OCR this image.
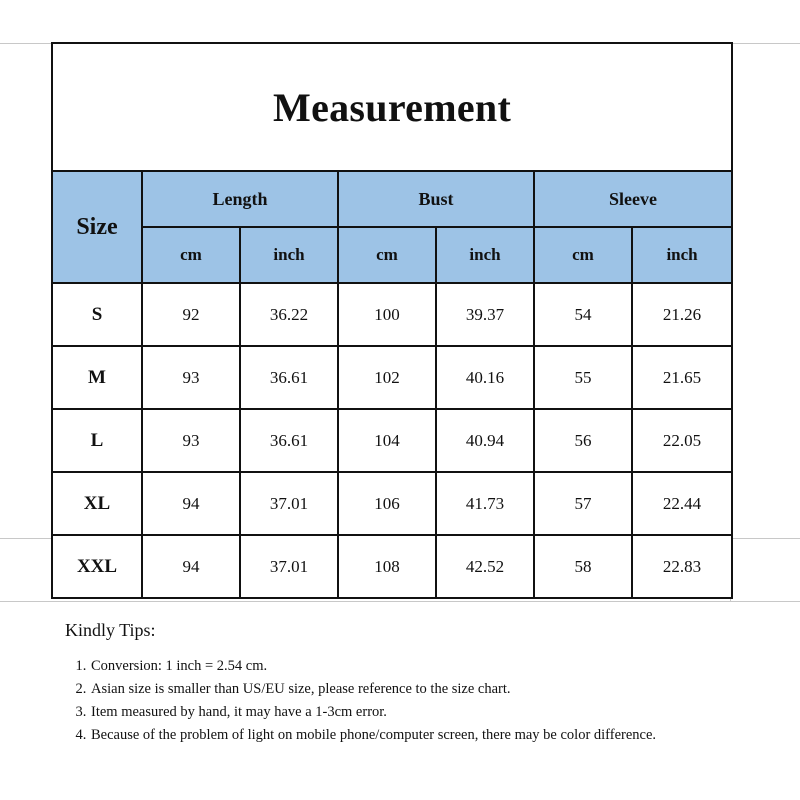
Measurement						
Size	Length		Bust		Sleeve	
	cm	inch	cm	inch	cm	inch
S	92	36.22	100	39.37	54	21.26
M	93	36.61	102	40.16	55	21.65
L	93	36.61	104	40.94	56	22.05
XL	94	37.01	106	41.73	57	22.44
XXL	94	37.01	108	42.52	58	22.83

Kindly Tips:

1. Conversion: 1 inch = 2.54 cm.
2. Asian size is smaller than US/EU size, please reference to the size chart.
3. Item measured by hand, it may have a 1-3cm error.
4. Because of the problem of light on mobile phone/computer screen, there may be color difference.
